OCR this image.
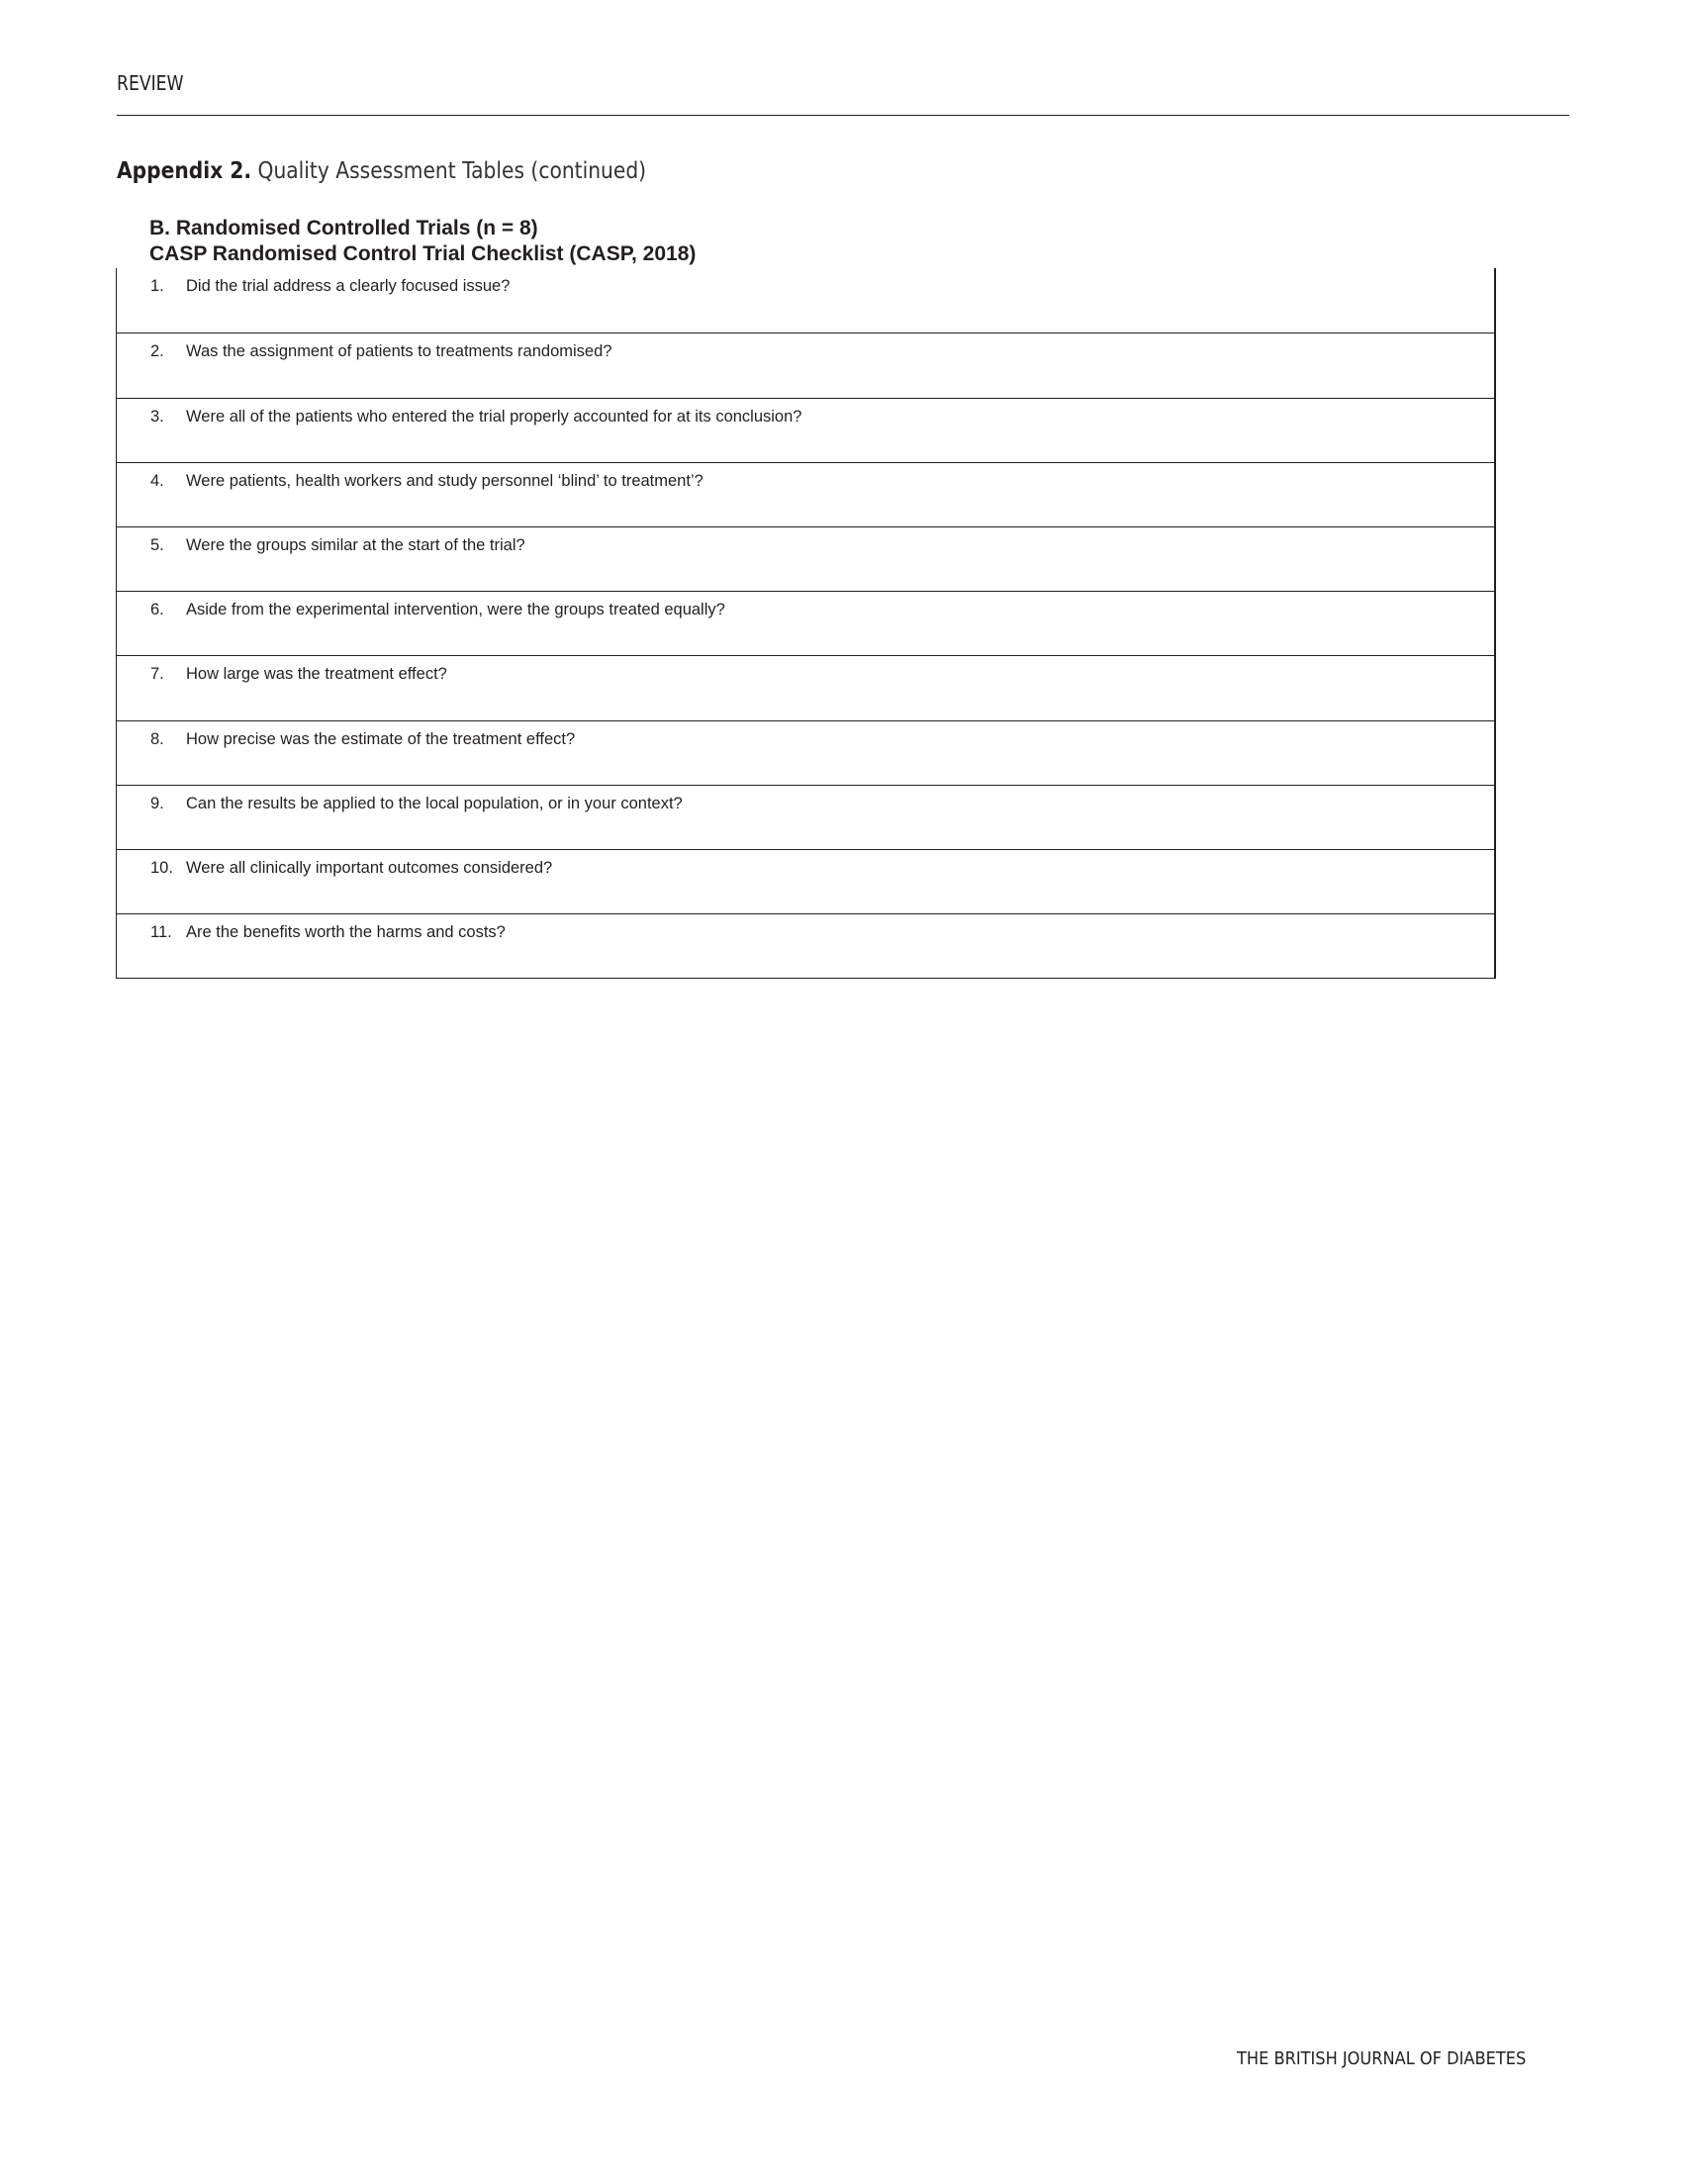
REVIEW
Appendix 2. Quality Assessment Tables (continued)
B. Randomised Controlled Trials (n = 8)
CASP Randomised Control Trial Checklist (CASP, 2018)
1. Did the trial address a clearly focused issue?
2. Was the assignment of patients to treatments randomised?
3. Were all of the patients who entered the trial properly accounted for at its conclusion?
4. Were patients, health workers and study personnel ‘blind’ to treatment’?
5. Were the groups similar at the start of the trial?
6. Aside from the experimental intervention, were the groups treated equally?
7. How large was the treatment effect?
8. How precise was the estimate of the treatment effect?
9. Can the results be applied to the local population, or in your context?
10. Were all clinically important outcomes considered?
11. Are the benefits worth the harms and costs?
THE BRITISH JOURNAL OF DIABETES
